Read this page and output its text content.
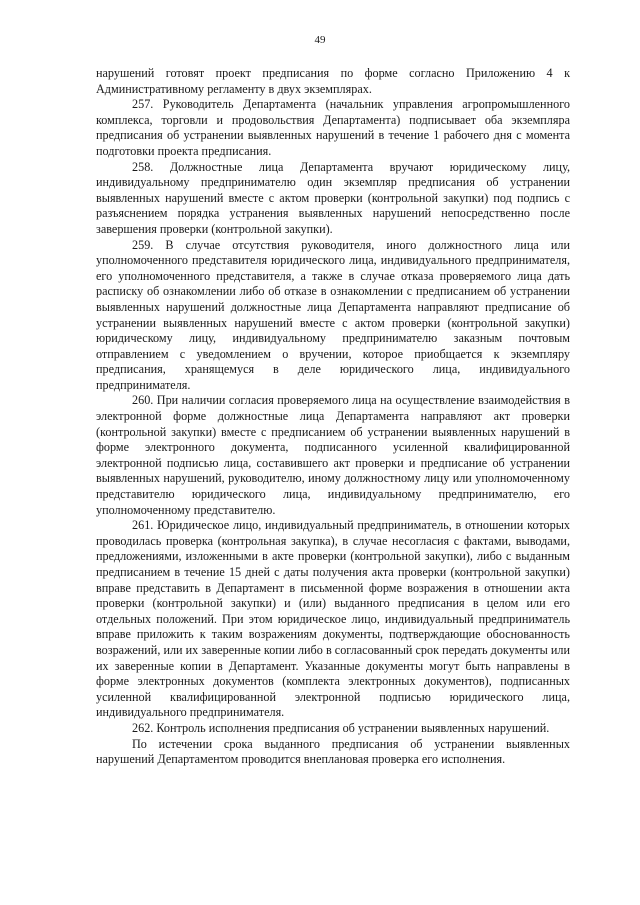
49

нарушений готовят проект предписания по форме согласно Приложению 4 к Административному регламенту в двух экземплярах.

257. Руководитель Департамента (начальник управления агропромышленного комплекса, торговли и продовольствия Департамента) подписывает оба экземпляра предписания об устранении выявленных нарушений в течение 1 рабочего дня с момента подготовки проекта предписания.

258. Должностные лица Департамента вручают юридическому лицу, индивидуальному предпринимателю один экземпляр предписания об устранении выявленных нарушений вместе с актом проверки (контрольной закупки) под подпись с разъяснением порядка устранения выявленных нарушений непосредственно после завершения проверки (контрольной закупки).

259. В случае отсутствия руководителя, иного должностного лица или уполномоченного представителя юридического лица, индивидуального предпринимателя, его уполномоченного представителя, а также в случае отказа проверяемого лица дать расписку об ознакомлении либо об отказе в ознакомлении с предписанием об устранении выявленных нарушений должностные лица Департамента направляют предписание об устранении выявленных нарушений вместе с актом проверки (контрольной закупки) юридическому лицу, индивидуальному предпринимателю заказным почтовым отправлением с уведомлением о вручении, которое приобщается к экземпляру предписания, хранящемуся в деле юридического лица, индивидуального предпринимателя.

260. При наличии согласия проверяемого лица на осуществление взаимодействия в электронной форме должностные лица Департамента направляют акт проверки (контрольной закупки) вместе с предписанием об устранении выявленных нарушений в форме электронного документа, подписанного усиленной квалифицированной электронной подписью лица, составившего акт проверки и предписание об устранении выявленных нарушений, руководителю, иному должностному лицу или уполномоченному представителю юридического лица, индивидуальному предпринимателю, его уполномоченному представителю.

261. Юридическое лицо, индивидуальный предприниматель, в отношении которых проводилась проверка (контрольная закупка), в случае несогласия с фактами, выводами, предложениями, изложенными в акте проверки (контрольной закупки), либо с выданным предписанием в течение 15 дней с даты получения акта проверки (контрольной закупки) вправе представить в Департамент в письменной форме возражения в отношении акта проверки (контрольной закупки) и (или) выданного предписания в целом или его отдельных положений. При этом юридическое лицо, индивидуальный предприниматель вправе приложить к таким возражениям документы, подтверждающие обоснованность возражений, или их заверенные копии либо в согласованный срок передать документы или их заверенные копии в Департамент. Указанные документы могут быть направлены в форме электронных документов (комплекта электронных документов), подписанных усиленной квалифицированной электронной подписью юридического лица, индивидуального предпринимателя.

262. Контроль исполнения предписания об устранении выявленных нарушений.

По истечении срока выданного предписания об устранении выявленных нарушений Департаментом проводится внеплановая проверка его исполнения.
